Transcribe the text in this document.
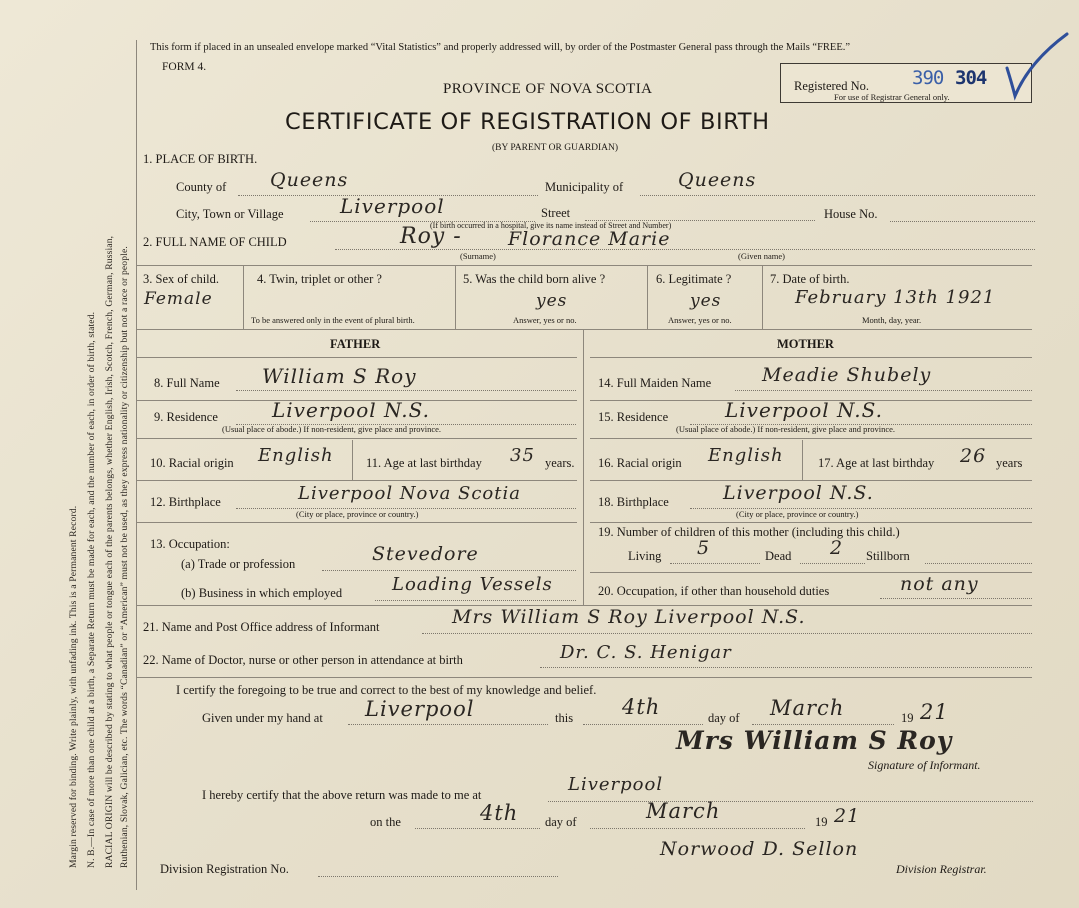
Margin reserved for binding. Write plainly, with unfading ink. This is a Permanent Record. N. B.—In case of more than one child at a birth, a Separate Return must be made for each, and the number of each, in order of birth, stated. RACIAL ORIGIN will be described by stating to what people or tongue each of the parents belongs, whether English, Irish, Scotch, French, German, Russian, Ruthenian, Slovak, Galician, etc. The words “Canadian” or “American” must not be used, as they express nationality or citizenship but not a race or people.
This form if placed in an unsealed envelope marked “Vital Statistics” and properly addressed will, by order of the Postmaster General pass through the Mails “FREE.”
FORM 4.
PROVINCE OF NOVA SCOTIA
CERTIFICATE OF REGISTRATION OF BIRTH
(BY PARENT OR GUARDIAN)
Registered No. 390 304
For use of Registrar General only.
1. PLACE OF BIRTH.
County of Queens	Municipality of	Queens
City, Town or Village	Liverpool	Street	House No.
(If birth occurred in a hospital, give its name instead of Street and Number)
2. FULL NAME OF CHILD	Roy - Florance Marie
(Surname)	(Given name)
3. Sex of child.
Female
4. Twin, triplet or other ?
To be answered only in the event of plural birth.
5. Was the child born alive ?
yes
Answer, yes or no.
6. Legitimate ?
yes
Answer, yes or no.
7. Date of birth.
February 13th 1921
Month, day, year.
FATHER	MOTHER
8. Full Name William S Roy
9. Residence	Liverpool N.S.
(Usual place of abode.) If non-resident, give place and province.
10. Racial origin English	11. Age at last birthday 35 years.
12. Birthplace	Liverpool Nova Scotia
(City or place, province or country.)
13. Occupation:
(a) Trade or profession	Stevedore
(b) Business in which employed	Loading Vessels
14. Full Maiden Name	Meadie Shubely
15. Residence	Liverpool N.S.
(Usual place of abode.) If non-resident, give place and province.
16. Racial origin English	17. Age at last birthday 26 years
18. Birthplace	Liverpool N.S.
(City or place, province or country.)
19. Number of children of this mother (including this child.)
Living 5	Dead 2 Stillborn
20. Occupation, if other than household duties	not any
21. Name and Post Office address of Informant	Mrs William S Roy Liverpool N.S.
22. Name of Doctor, nurse or other person in attendance at birth	Dr. C. S. Henigar
I certify the foregoing to be true and correct to the best of my knowledge and belief.
Given under my hand at Liverpool	this 4th	day of March	19 21
Mrs William S Roy
Signature of Informant.
I hereby certify that the above return was made to me at	Liverpool
on the	4th day of	March	19 21
Norwood D. Sellon
Division Registration No.	Division Registrar.
